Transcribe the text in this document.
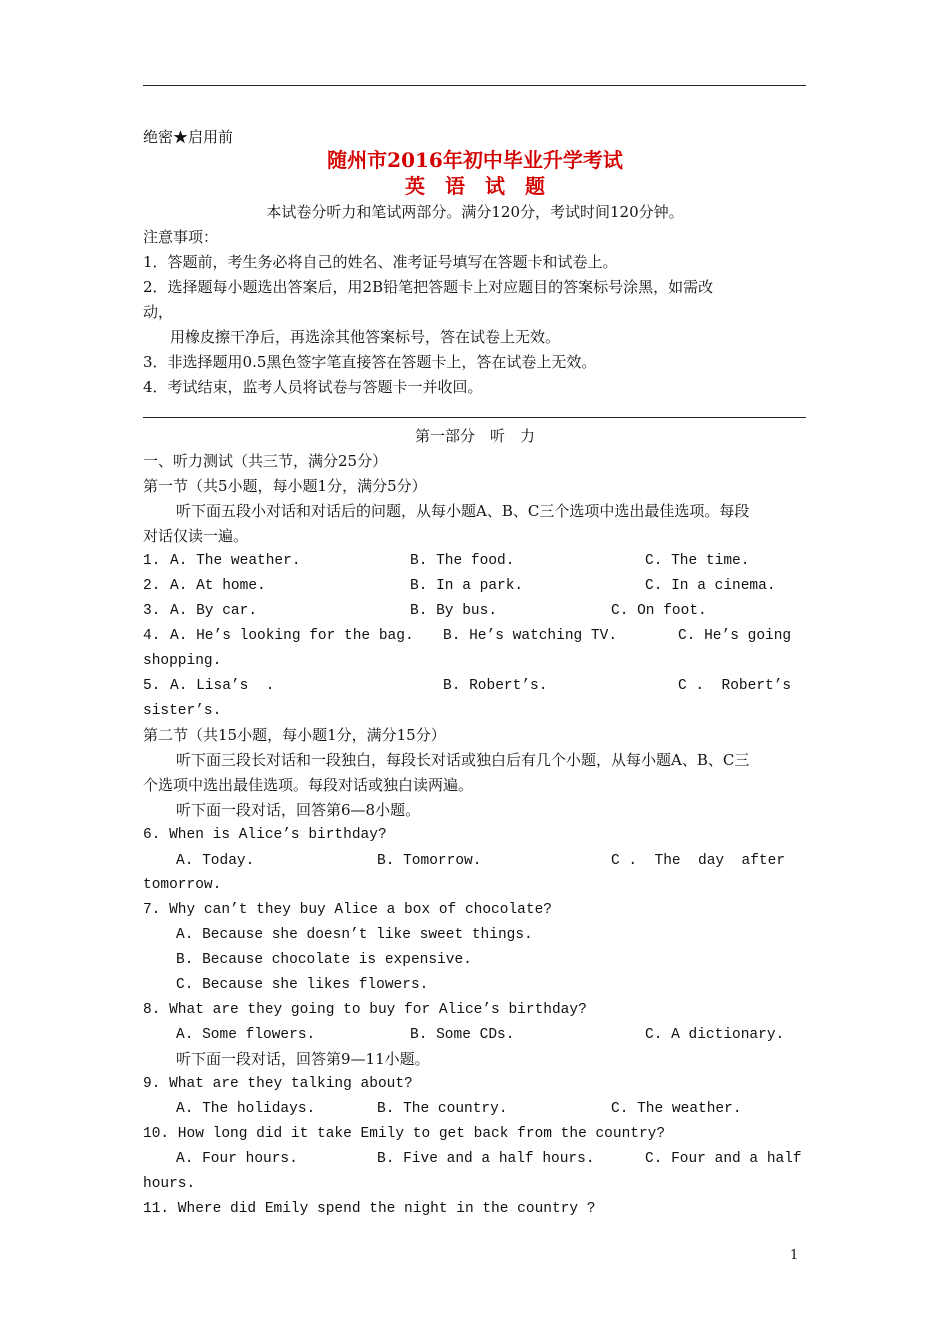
绝密★启用前
随州市2016年初中毕业升学考试
英　语　试　题
本试卷分听力和笔试两部分。满分120分，考试时间120分钟。
注意事项：
1．答题前，考生务必将自己的姓名、准考证号填写在答题卡和试卷上。
2．选择题每小题选出答案后，用2B铅笔把答题卡上对应题目的答案标号涂黑，如需改
动，
用橡皮擦干净后，再选涂其他答案标号，答在试卷上无效。
3．非选择题用0.5黑色签字笔直接答在答题卡上，答在试卷上无效。
4．考试结束，监考人员将试卷与答题卡一并收回。
第一部分　听　力
一、听力测试（共三节，满分25分）
第一节（共5小题，每小题1分，满分5分）
听下面五段小对话和对话后的问题，从每小题A、B、C三个选项中选出最佳选项。每段
对话仅读一遍。
1. A. The weather.	B. The food.	C. The time.
2. A. At home.	B. In a park.	C. In a cinema.
3. A. By car.	B. By bus.	C. On foot.
4. A. He’s looking for the bag. B. He’s watching TV.	C. He’s going
shopping.
5. A. Lisa’s  .	B. Robert’s.	C .  Robert’s
sister’s.
第二节（共15小题，每小题1分，满分15分）
听下面三段长对话和一段独白，每段长对话或独白后有几个小题，从每小题A、B、C三
个选项中选出最佳选项。每段对话或独白读两遍。
听下面一段对话，回答第6—8小题。
6. When is Alice’s birthday?
A. Today.	B. Tomorrow.	C .  The  day  after
tomorrow.
7. Why can’t they buy Alice a box of chocolate?
A. Because she doesn’t like sweet things.
B. Because chocolate is expensive.
C. Because she likes flowers.
8. What are they going to buy for Alice’s birthday?
A. Some flowers.	B. Some CDs.	C. A dictionary.
听下面一段对话，回答第9—11小题。
9. What are they talking about?
A. The holidays.	B. The country.	C. The weather.
10. How long did it take Emily to get back from the country?
A. Four hours.	B. Five and a half hours.	C. Four and a half
hours.
11. Where did Emily spend the night in the country ?
1
